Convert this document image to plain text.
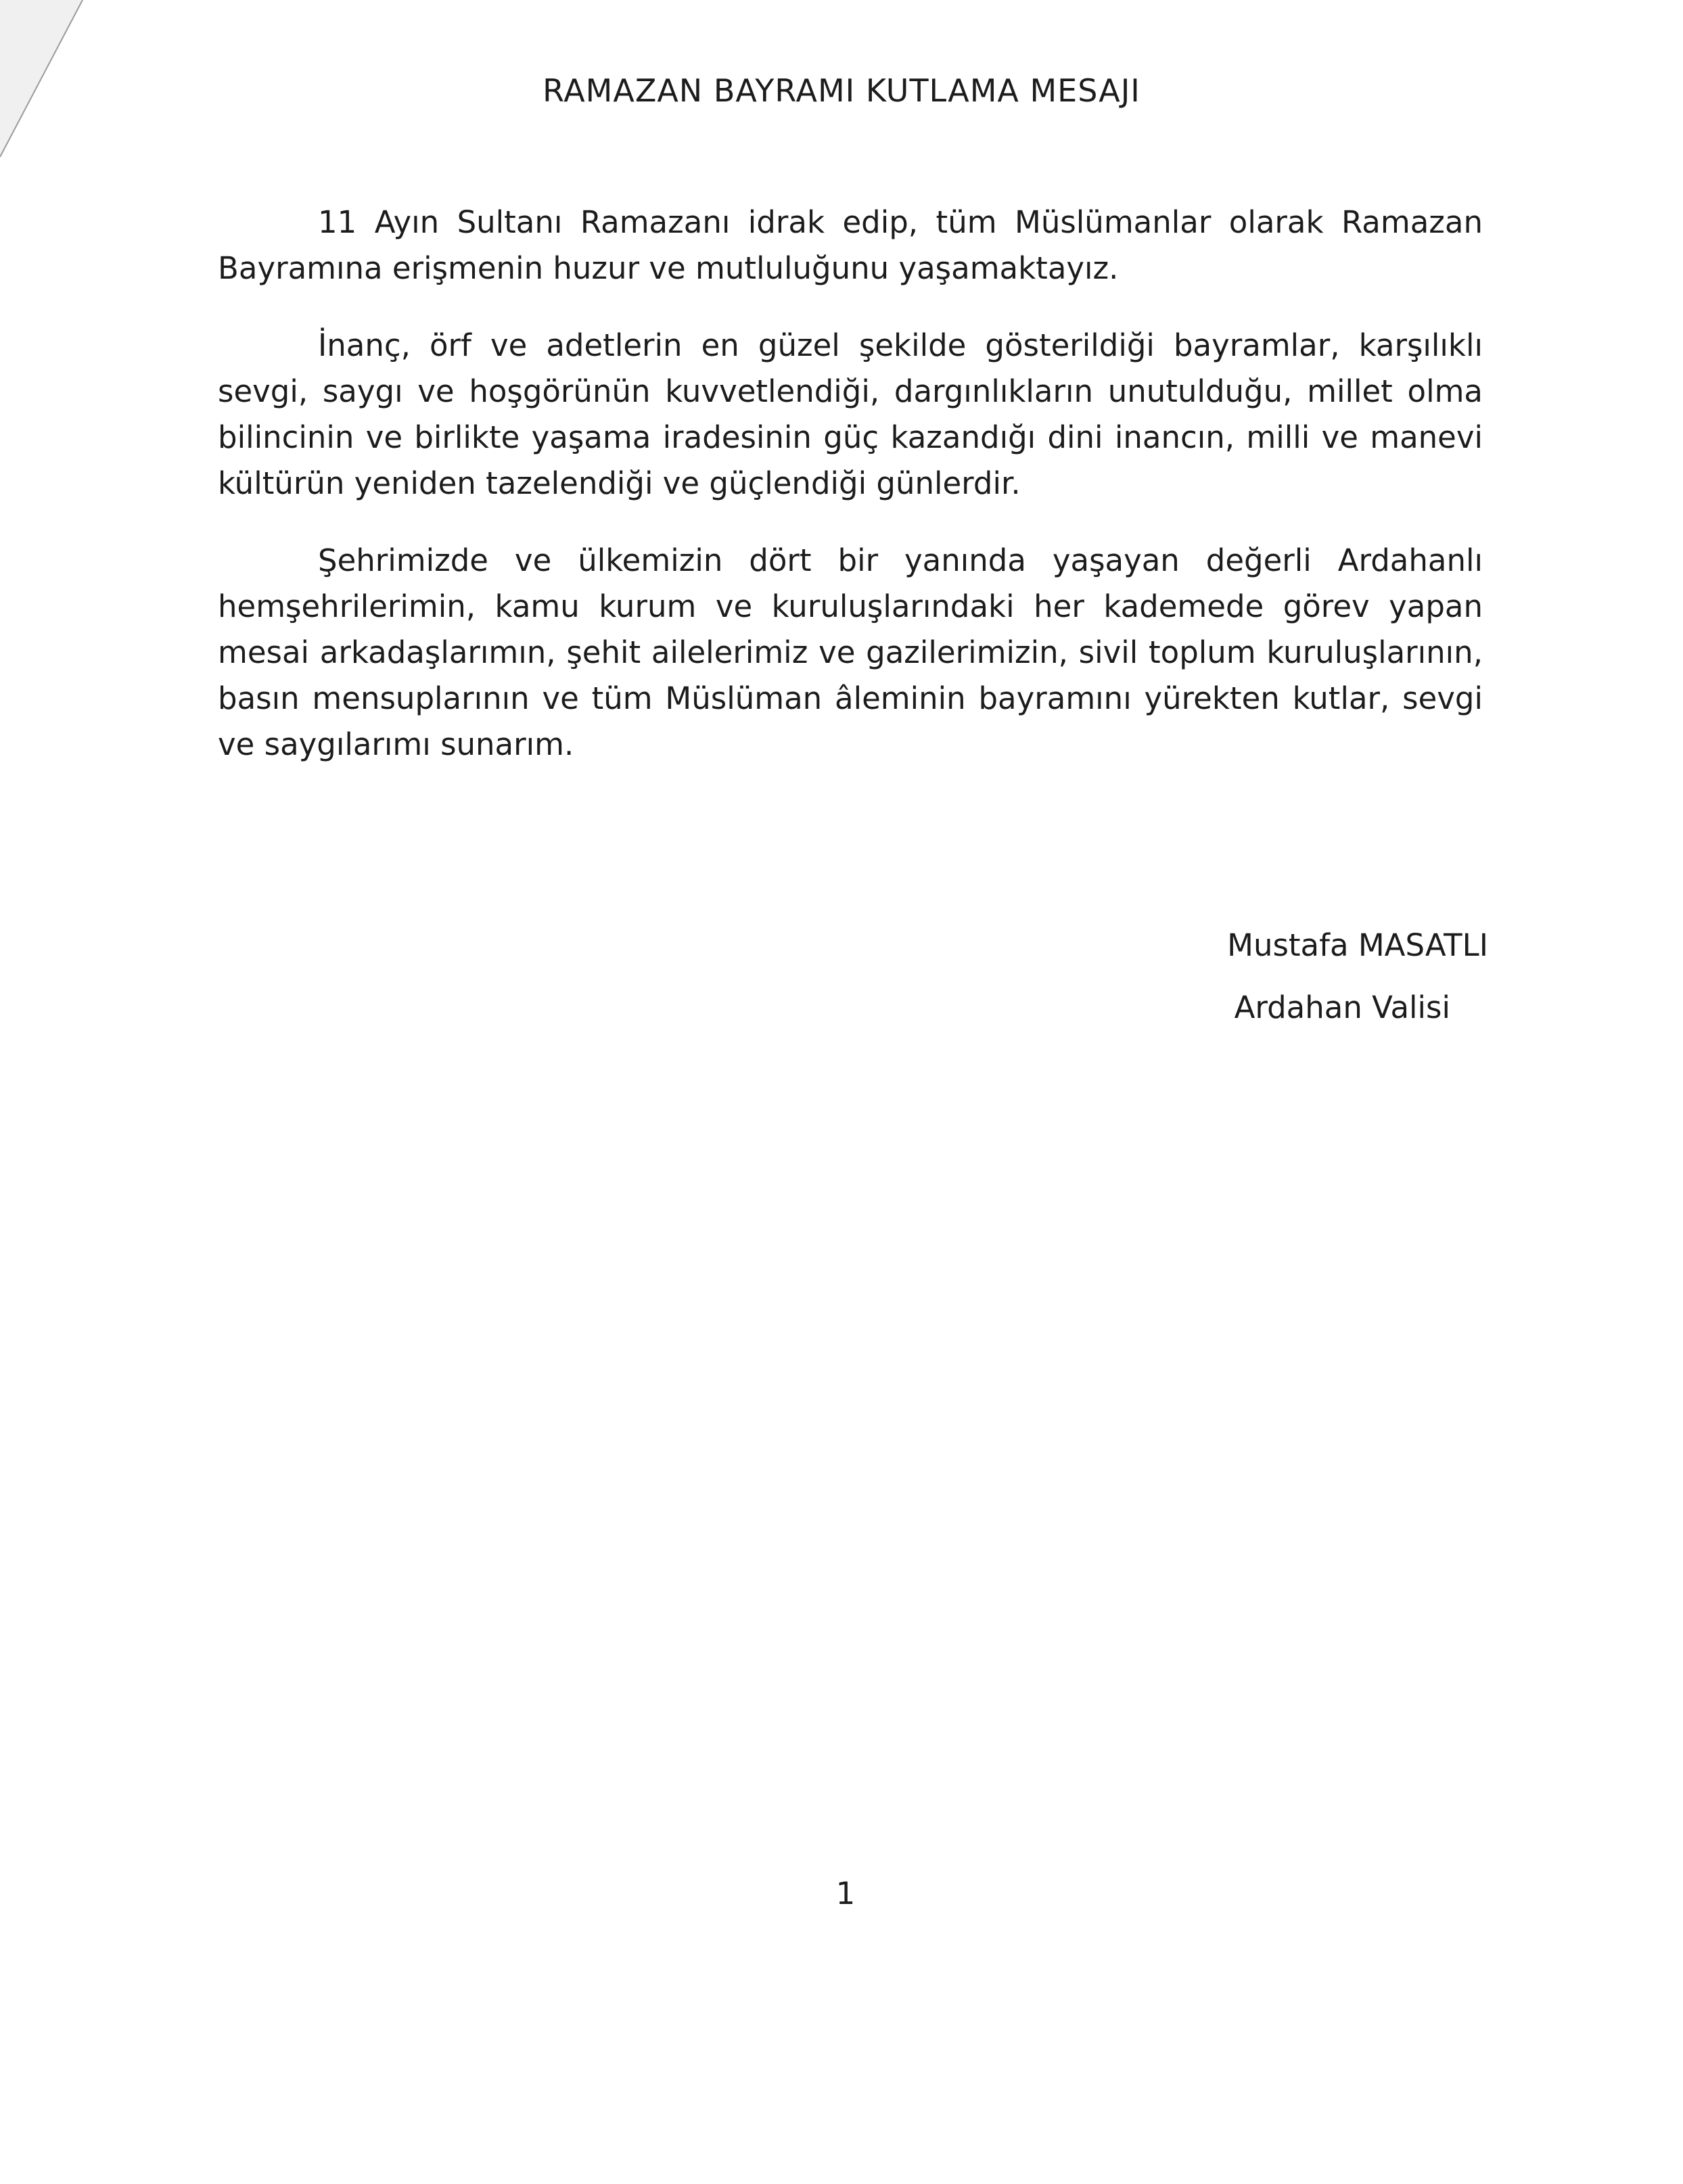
RAMAZAN BAYRAMI KUTLAMA MESAJI

11 Ayın Sultanı Ramazanı idrak edip, tüm Müslümanlar olarak Ramazan Bayramına erişmenin huzur ve mutluluğunu yaşamaktayız.

İnanç, örf ve adetlerin en güzel şekilde gösterildiği bayramlar, karşılıklı sevgi, saygı ve hoşgörünün kuvvetlendiği, dargınlıkların unutulduğu, millet olma bilincinin ve birlikte yaşama iradesinin güç kazandığı dini inancın, milli ve manevi kültürün yeniden tazelendiği ve güçlendiği günlerdir.

Şehrimizde ve ülkemizin dört bir yanında yaşayan değerli Ardahanlı hemşehrilerimin, kamu kurum ve kuruluşlarındaki her kademede görev yapan mesai arkadaşlarımın, şehit ailelerimiz ve gazilerimizin, sivil toplum kuruluşlarının, basın mensuplarının ve tüm Müslüman âleminin bayramını yürekten kutlar, sevgi ve saygılarımı sunarım.

Mustafa MASATLI
Ardahan Valisi
1
